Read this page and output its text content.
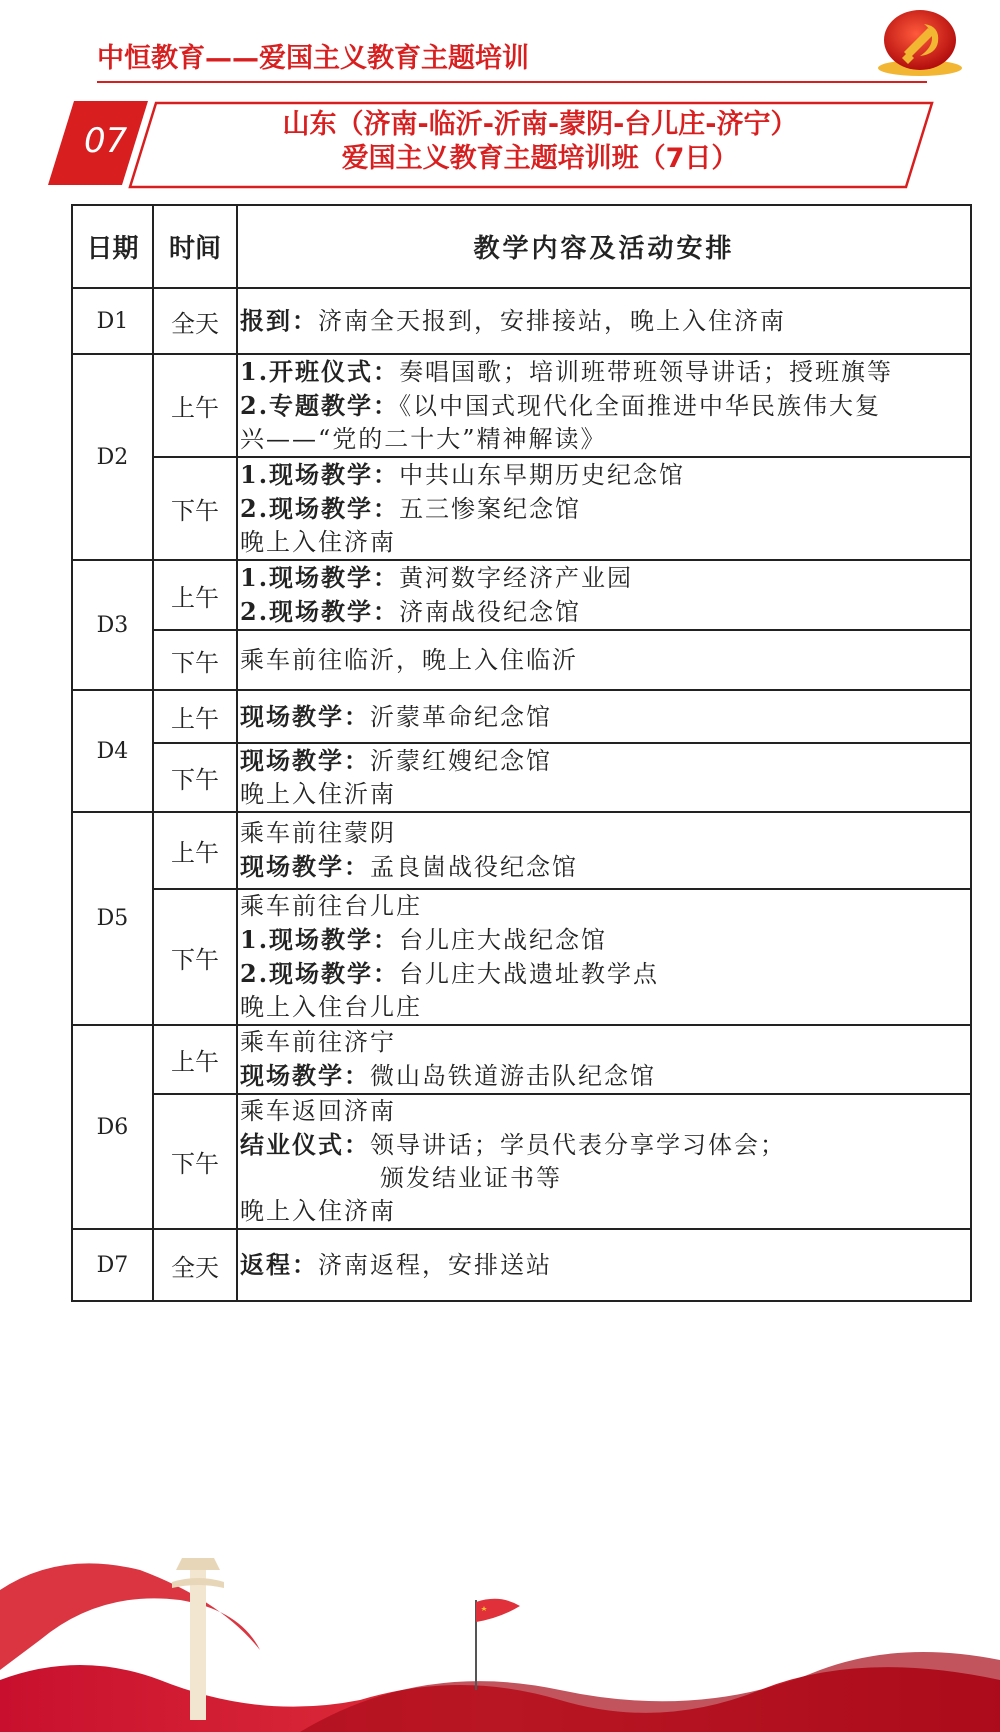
中恒教育——爱国主义教育主题培训
07	山东（济南-临沂-沂南-蒙阴-台儿庄-济宁）
爱国主义教育主题培训班（7日）
日期	时间	教学内容及活动安排
D1	全天	报到：济南全天报到，安排接站，晚上入住济南

D2	上午	1.开班仪式：奏唱国歌；培训班带班领导讲话；授班旗等
2.专题教学：《以中国式现代化全面推进中华民族伟大复
兴——“党的二十大”精神解读》

	下午	1.现场教学：中共山东早期历史纪念馆
2.现场教学：五三惨案纪念馆
晚上入住济南

D3	上午	1.现场教学：黄河数字经济产业园
2.现场教学：济南战役纪念馆

	下午	乘车前往临沂，晚上入住临沂

D4	上午	现场教学：沂蒙革命纪念馆

	下午	现场教学：沂蒙红嫂纪念馆
晚上入住沂南

D5	上午	乘车前往蒙阴
现场教学：孟良崮战役纪念馆

	下午	乘车前往台儿庄
1.现场教学：台儿庄大战纪念馆
2.现场教学：台儿庄大战遗址教学点
晚上入住台儿庄

D6	上午	乘车前往济宁
现场教学：微山岛铁道游击队纪念馆

	下午	乘车返回济南
结业仪式：领导讲话；学员代表分享学习体会；
颁发结业证书等
晚上入住济南

D7	全天	返程：济南返程，安排送站
